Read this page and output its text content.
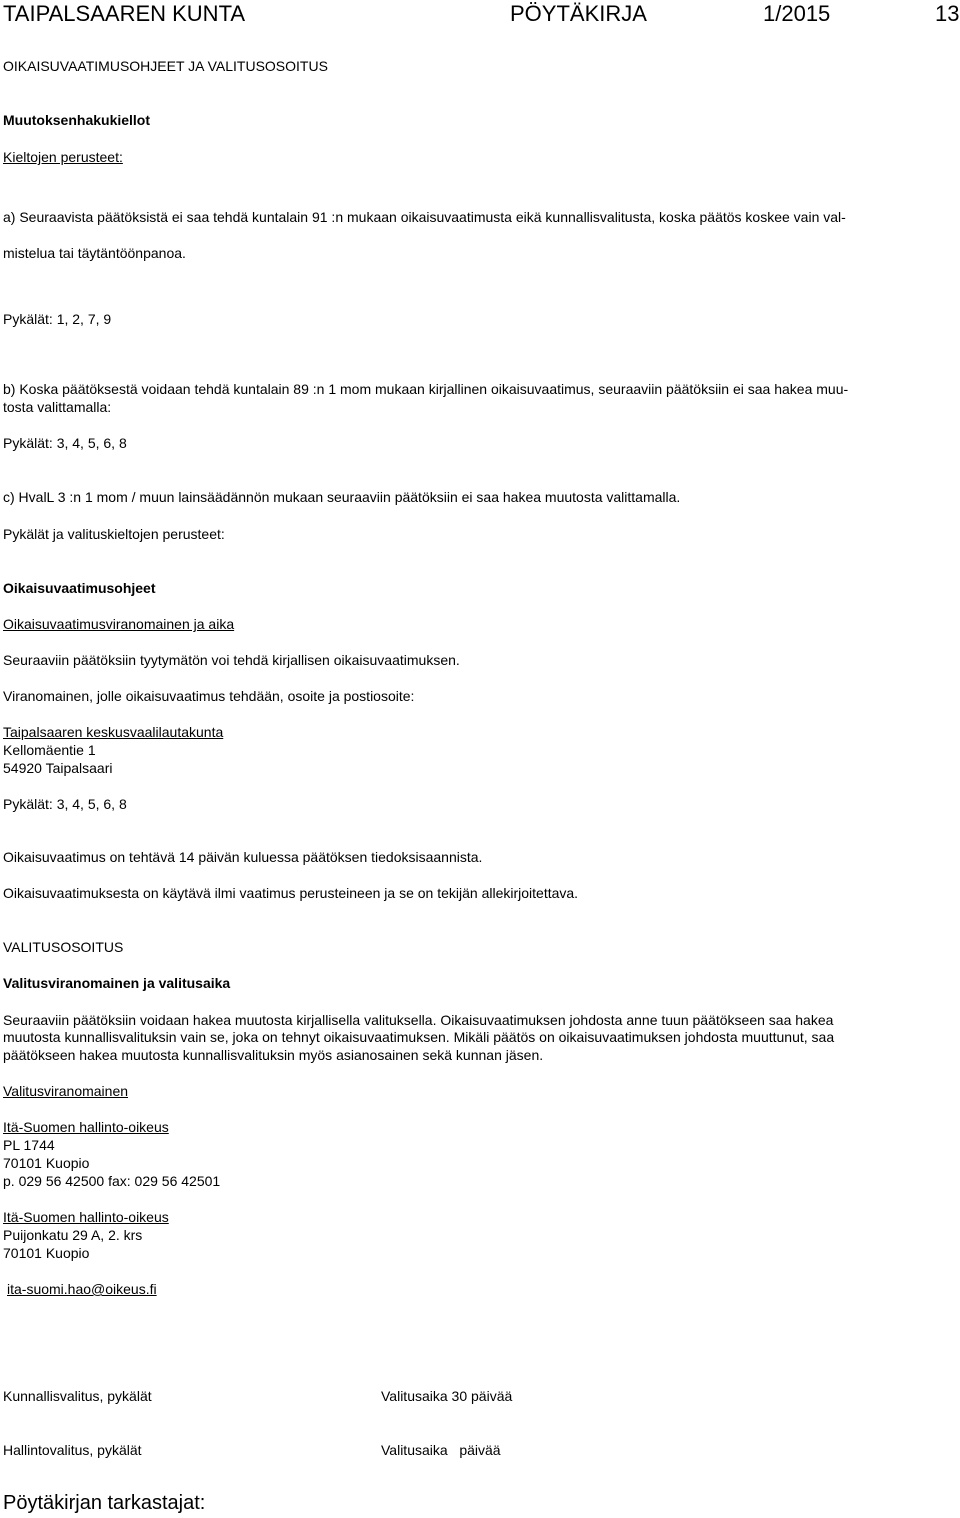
TAIPALSAAREN KUNTA	PÖYTÄKIRJA	1/2015	13
OIKAISUVAATIMUSOHJEET JA VALITUSOSOITUS
Muutoksenhakukiellot
Kieltojen perusteet:
a) Seuraavista päätöksistä ei saa tehdä kuntalain 91 :n mukaan oikaisuvaatimusta eikä kunnallisvalitusta, koska päätös koskee vain val-
mistelua tai täytäntöönpanoa.
Pykälät: 1, 2, 7, 9
b) Koska päätöksestä voidaan tehdä kuntalain 89 :n 1 mom mukaan kirjallinen oikaisuvaatimus, seuraaviin päätöksiin ei saa hakea muu-
tosta valittamalla:
Pykälät: 3, 4, 5, 6, 8
c) HvalL 3 :n 1 mom / muun lainsäädännön mukaan seuraaviin päätöksiin ei saa hakea muutosta valittamalla.
Pykälät ja valituskieltojen perusteet:
Oikaisuvaatimusohjeet
Oikaisuvaatimusviranomainen ja aika
Seuraaviin päätöksiin tyytymätön voi tehdä kirjallisen oikaisuvaatimuksen.
Viranomainen, jolle oikaisuvaatimus tehdään, osoite ja postiosoite:
Taipalsaaren keskusvaalilautakunta
Kellomäentie 1
54920 Taipalsaari
Pykälät: 3, 4, 5, 6, 8
Oikaisuvaatimus on tehtävä 14 päivän kuluessa päätöksen tiedoksisaannista.
Oikaisuvaatimuksesta on käytävä ilmi vaatimus perusteineen ja se on tekijän allekirjoitettava.
VALITUSOSOITUS
Valitusviranomainen ja valitusaika
Seuraaviin päätöksiin voidaan hakea muutosta kirjallisella valituksella. Oikaisuvaatimuksen johdosta anne tuun päätökseen saa hakea
muutosta kunnallisvalituksin vain se, joka on tehnyt oikaisuvaatimuksen. Mikäli päätös on oikaisuvaatimuksen johdosta muuttunut, saa
päätökseen hakea muutosta kunnallisvalituksin myös asianosainen sekä kunnan jäsen.
Valitusviranomainen
Itä-Suomen hallinto-oikeus
PL 1744
70101 Kuopio
p. 029 56 42500 fax: 029 56 42501
Itä-Suomen hallinto-oikeus
Puijonkatu 29 A, 2. krs
70101 Kuopio
ita-suomi.hao@oikeus.fi
Kunnallisvalitus, pykälät	Valitusaika 30 päivää
Hallintovalitus, pykälät	Valitusaika   päivää
Pöytäkirjan tarkastajat:
